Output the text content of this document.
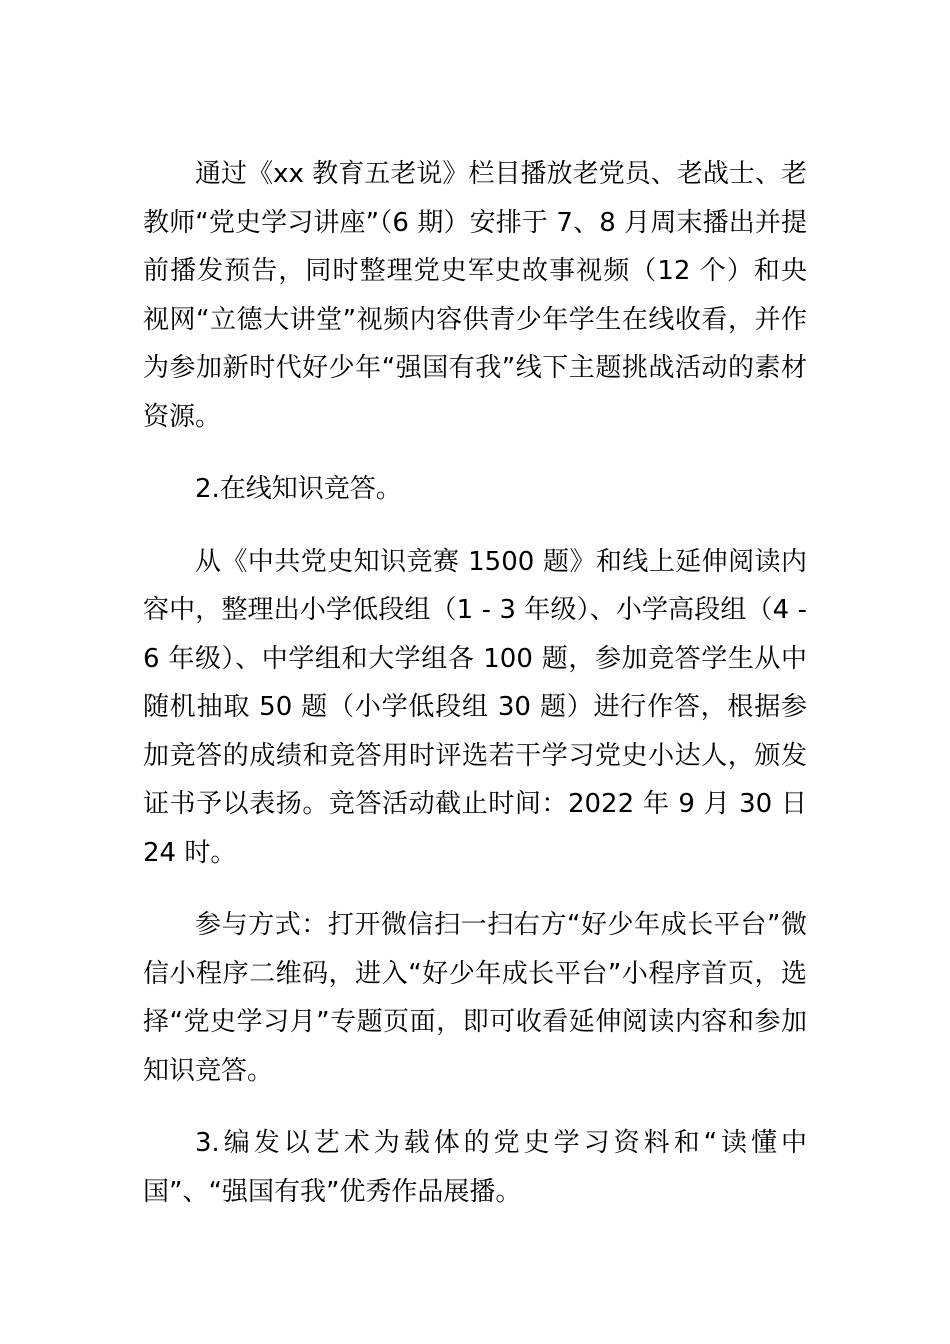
通过《xx 教育五老说》栏目播放老党员、老战士、老教师“党史学习讲座”（6 期）安排于 7、8 月周末播出并提前播发预告，同时整理党史军史故事视频（12 个）和央视网“立德大讲堂”视频内容供青少年学生在线收看，并作为参加新时代好少年“强国有我”线下主题挑战活动的素材资源。

2.在线知识竞答。

从《中共党史知识竞赛 1500 题》和线上延伸阅读内容中，整理出小学低段组（1 - 3 年级）、小学高段组（4 - 6 年级）、中学组和大学组各 100 题，参加竞答学生从中随机抽取 50 题（小学低段组 30 题）进行作答，根据参加竞答的成绩和竞答用时评选若干学习党史小达人，颁发证书予以表扬。竞答活动截止时间：2022 年 9 月 30 日 24 时。

参与方式：打开微信扫一扫右方“好少年成长平台”微信小程序二维码，进入“好少年成长平台”小程序首页，选择“党史学习月”专题页面，即可收看延伸阅读内容和参加知识竞答。

3.编发以艺术为载体的党史学习资料和“读懂中国”、“强国有我”优秀作品展播。
